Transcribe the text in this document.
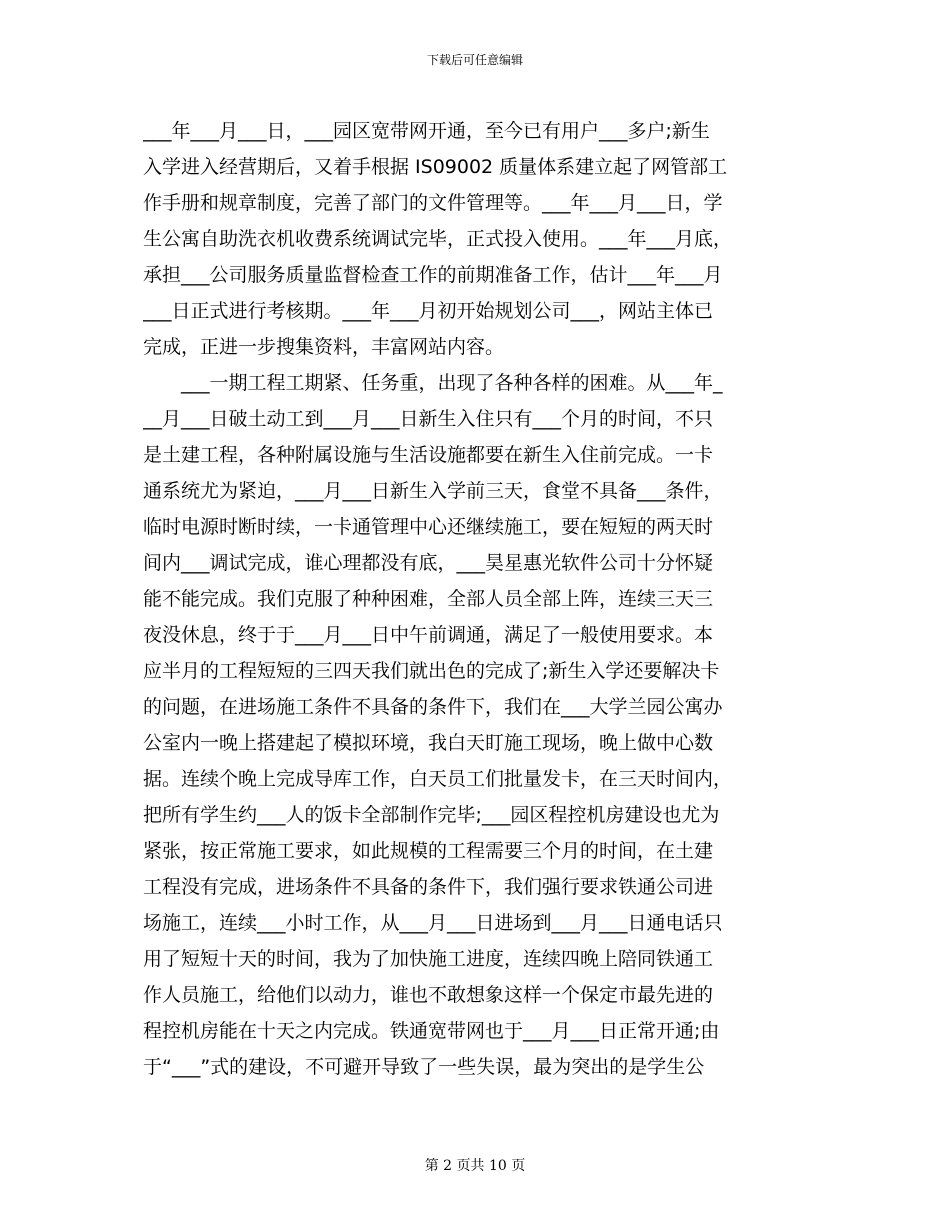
下载后可任意编辑
___年___月___日，___园区宽带网开通，至今已有用户___多户;新生
入学进入经营期后，又着手根据 IS09002 质量体系建立起了网管部工
作手册和规章制度，完善了部门的文件管理等。___年___月___日，学
生公寓自助洗衣机收费系统调试完毕，正式投入使用。___年___月底，
承担___公司服务质量监督检查工作的前期准备工作，估计___年___月
___日正式进行考核期。___年___月初开始规划公司___，网站主体已
完成，正进一步搜集资料，丰富网站内容。
　　___一期工程工期紧、任务重，出现了各种各样的困难。从___年_
__月___日破土动工到___月___日新生入住只有___个月的时间，不只
是土建工程，各种附属设施与生活设施都要在新生入住前完成。一卡
通系统尤为紧迫，___月___日新生入学前三天，食堂不具备___条件，
临时电源时断时续，一卡通管理中心还继续施工，要在短短的两天时
间内___调试完成，谁心理都没有底，___昊星惠光软件公司十分怀疑
能不能完成。我们克服了种种困难，全部人员全部上阵，连续三天三
夜没休息，终于于___月___日中午前调通，满足了一般使用要求。本
应半月的工程短短的三四天我们就出色的完成了;新生入学还要解决卡
的问题，在进场施工条件不具备的条件下，我们在___大学兰园公寓办
公室内一晚上搭建起了模拟环境，我白天盯施工现场，晚上做中心数
据。连续个晚上完成导库工作，白天员工们批量发卡，在三天时间内，
把所有学生约___人的饭卡全部制作完毕;___园区程控机房建设也尤为
紧张，按正常施工要求，如此规模的工程需要三个月的时间，在土建
工程没有完成，进场条件不具备的条件下，我们强行要求铁通公司进
场施工，连续___小时工作，从___月___日进场到___月___日通电话只
用了短短十天的时间，我为了加快施工进度，连续四晚上陪同铁通工
作人员施工，给他们以动力，谁也不敢想象这样一个保定市最先进的
程控机房能在十天之内完成。铁通宽带网也于___月___日正常开通;由
于“___”式的建设，不可避开导致了一些失误，最为突出的是学生公
第 2 页共 10 页
